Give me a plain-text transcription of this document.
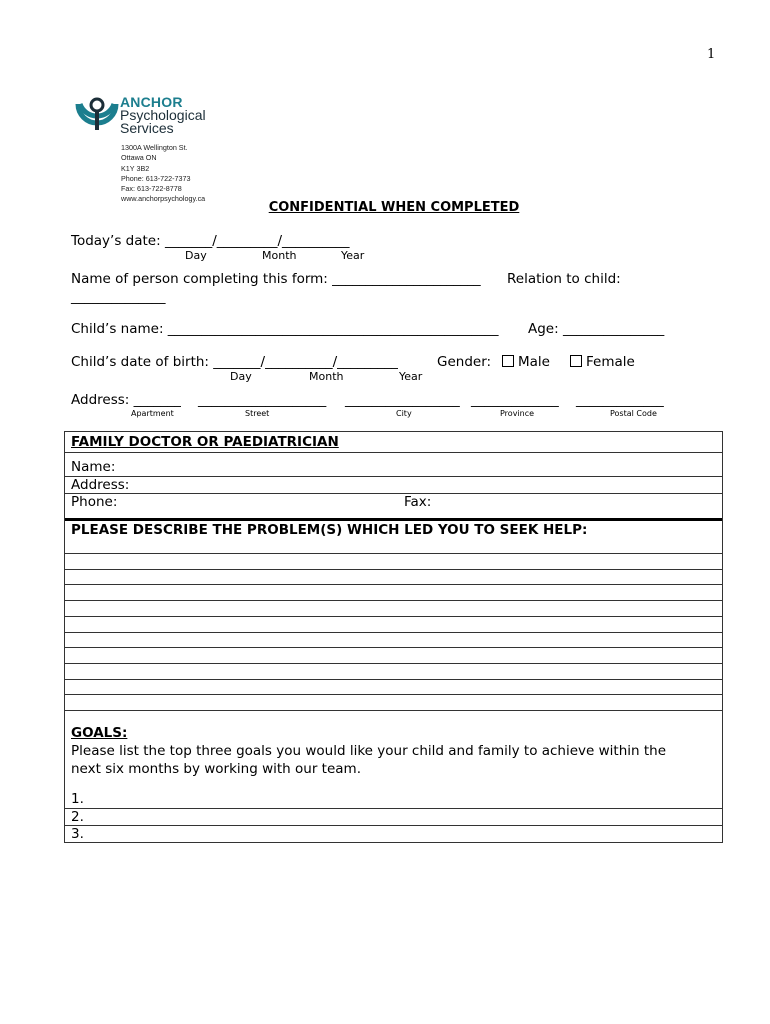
1
ANCHOR
Psychological
Services
1300A Wellington St.
Ottawa ON
K1Y 3B2
Phone: 613-722-7373
Fax: 613-722-8778
www.anchorpsychology.ca
CONFIDENTIAL WHEN COMPLETED
Today’s date: _______/_________/__________
Day	Month	Year
Name of person completing this form: ______________________ Relation to child:
______________
Child’s name: _________________________________________________ Age: _______________
Child’s date of birth: _______/__________/_________
Day	Month	Year
Gender:	Male	Female
Address: _______ ___________________ _________________ _____________ _____________
Apartment	Street	City	Province	Postal Code
FAMILY DOCTOR OR PAEDIATRICIAN
Name:
Address:
Phone:	Fax:
PLEASE DESCRIBE THE PROBLEM(S) WHICH LED YOU TO SEEK HELP:
GOALS:
Please list the top three goals you would like your child and family to achieve within the next six months by working with our team.
1.
2.
3.
